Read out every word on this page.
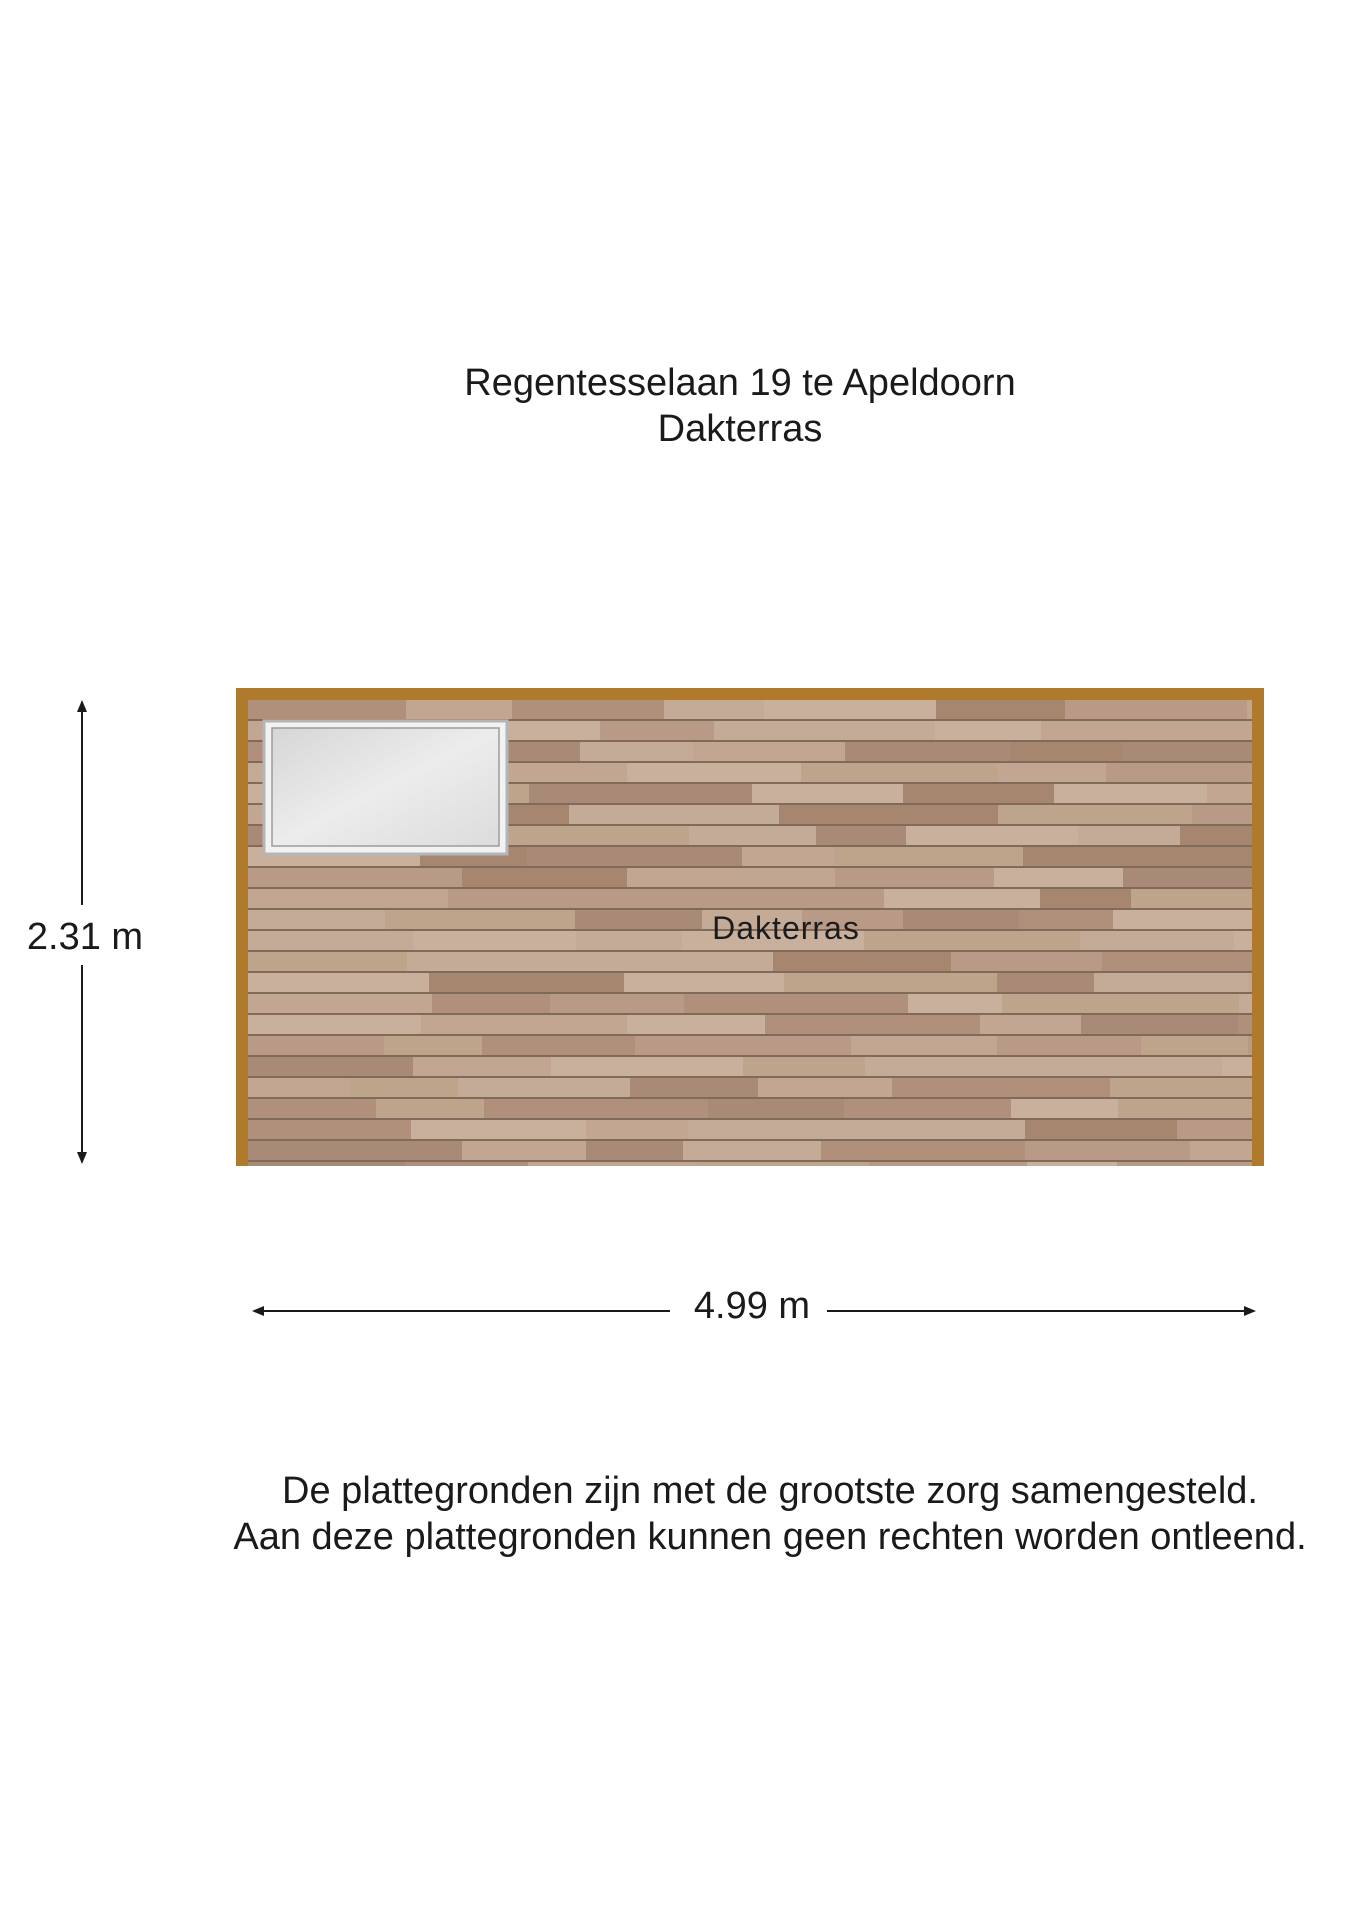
Regentesselaan 19 te Apeldoorn
Dakterras
2.31 m
4.99 m
Dakterras
De plattegronden zijn met de grootste zorg samengesteld.
Aan deze plattegronden kunnen geen rechten worden ontleend.
